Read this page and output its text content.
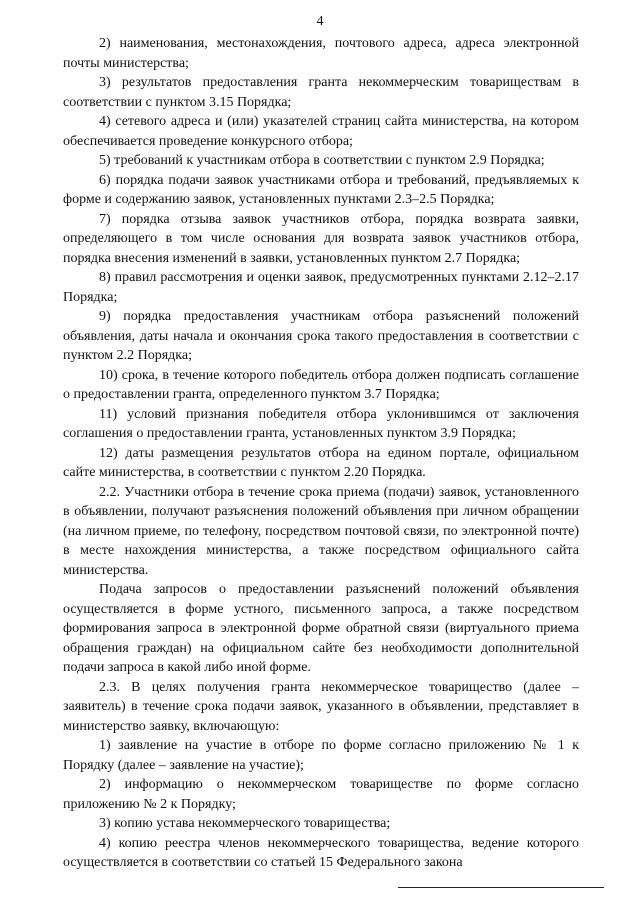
4

2) наименования, местонахождения, почтового адреса, адреса электронной почты министерства;

3) результатов предоставления гранта некоммерческим товариществам в соответствии с пунктом 3.15 Порядка;

4) сетевого адреса и (или) указателей страниц сайта министерства, на котором обеспечивается проведение конкурсного отбора;

5) требований к участникам отбора в соответствии с пунктом 2.9 Порядка;

6) порядка подачи заявок участниками отбора и требований, предъявляемых к форме и содержанию заявок, установленных пунктами 2.3–2.5 Порядка;

7) порядка отзыва заявок участников отбора, порядка возврата заявки, определяющего в том числе основания для возврата заявок участников отбора, порядка внесения изменений в заявки, установленных пунктом 2.7 Порядка;

8) правил рассмотрения и оценки заявок, предусмотренных пунктами 2.12–2.17 Порядка;

9) порядка предоставления участникам отбора разъяснений положений объявления, даты начала и окончания срока такого предоставления в соответствии с пунктом 2.2 Порядка;

10) срока, в течение которого победитель отбора должен подписать соглашение о предоставлении гранта, определенного пунктом 3.7 Порядка;

11) условий признания победителя отбора уклонившимся от заключения соглашения о предоставлении гранта, установленных пунктом 3.9 Порядка;

12) даты размещения результатов отбора на едином портале, официальном сайте министерства, в соответствии с пунктом 2.20 Порядка.

2.2. Участники отбора в течение срока приема (подачи) заявок, установленного в объявлении, получают разъяснения положений объявления при личном обращении (на личном приеме, по телефону, посредством почтовой связи, по электронной почте) в месте нахождения министерства, а также посредством официального сайта министерства.

Подача запросов о предоставлении разъяснений положений объявления осуществляется в форме устного, письменного запроса, а также посредством формирования запроса в электронной форме обратной связи (виртуального приема обращения граждан) на официальном сайте без необходимости дополнительной подачи запроса в какой либо иной форме.

2.3. В целях получения гранта некоммерческое товарищество (далее – заявитель) в течение срока подачи заявок, указанного в объявлении, представляет в министерство заявку, включающую:

1) заявление на участие в отборе по форме согласно приложению № 1 к Порядку (далее – заявление на участие);

2) информацию о некоммерческом товариществе по форме согласно приложению № 2 к Порядку;

3) копию устава некоммерческого товарищества;

4) копию реестра членов некоммерческого товарищества, ведение которого осуществляется в соответствии со статьей 15 Федерального закона
